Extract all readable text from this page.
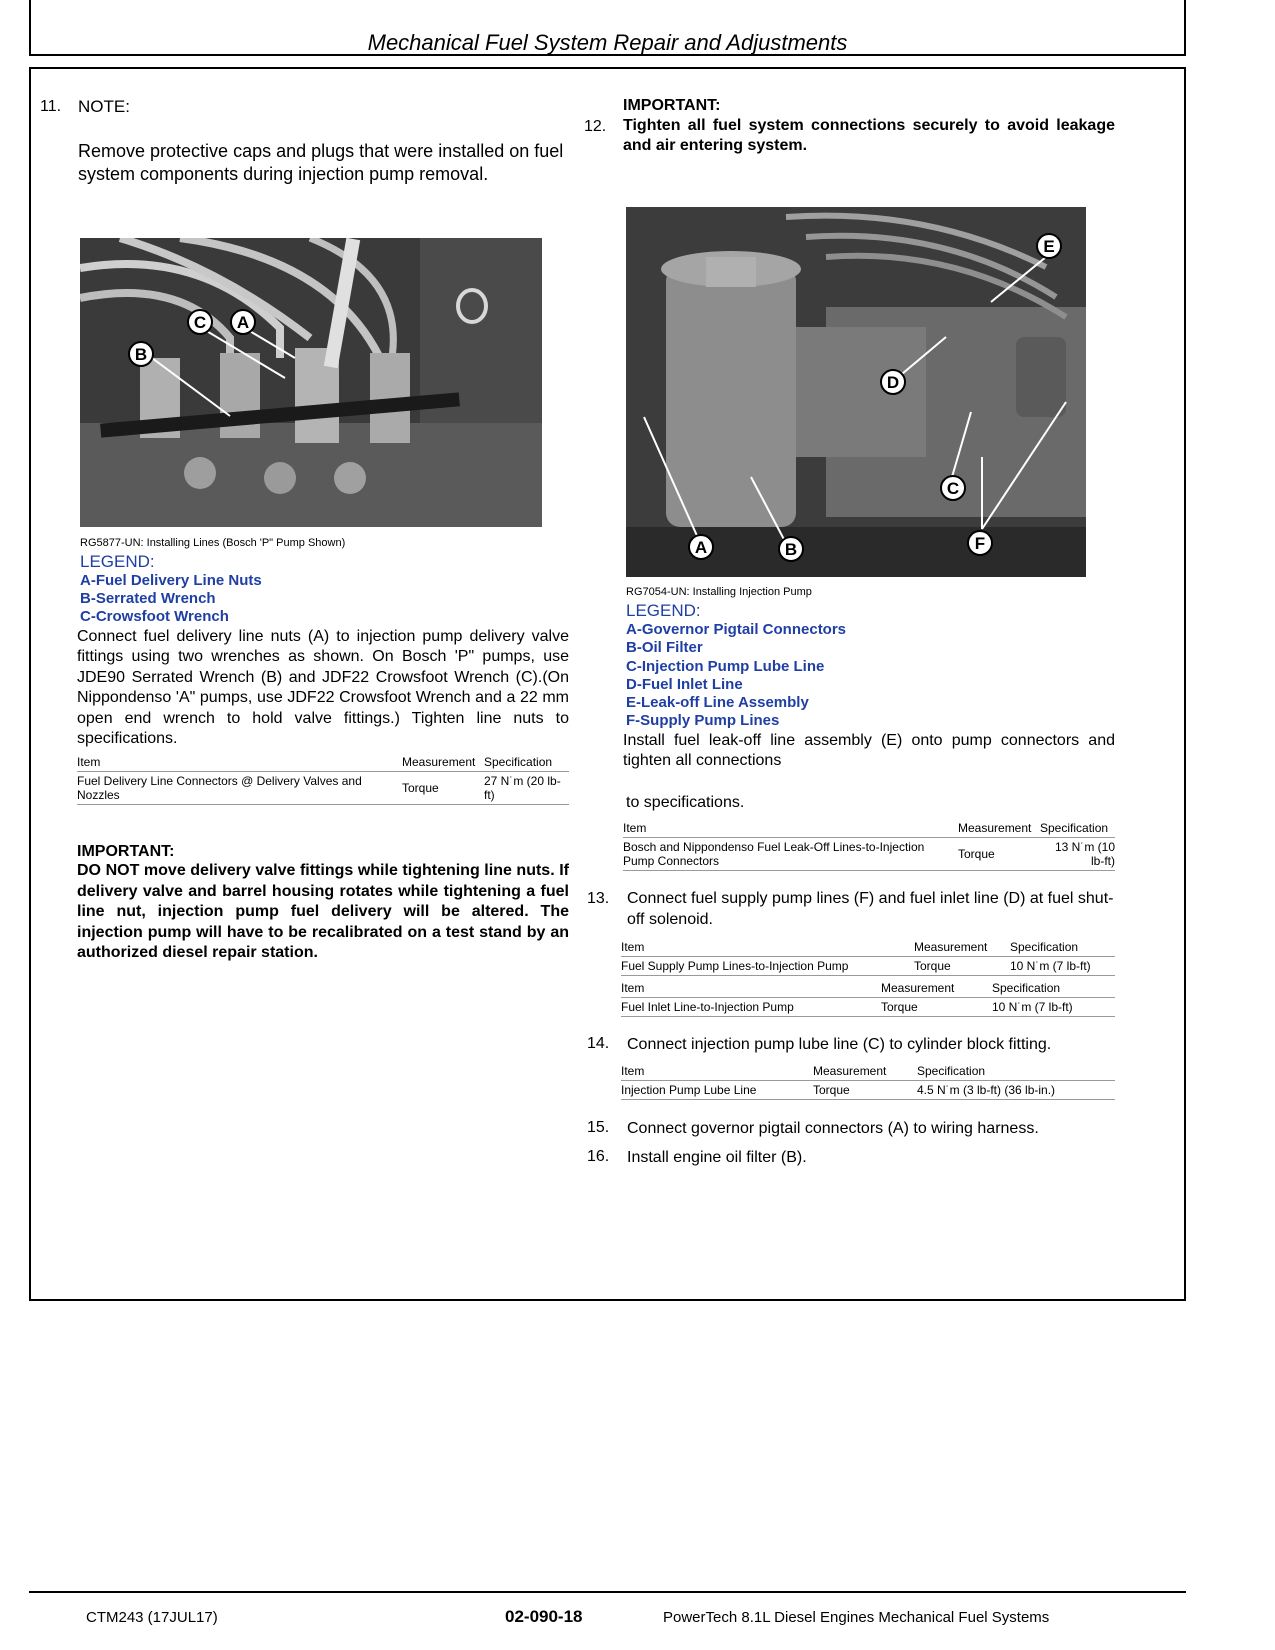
Mechanical Fuel System Repair and Adjustments
11. NOTE:
Remove protective caps and plugs that were installed on fuel system components during injection pump removal.
C A
B
RG5877-UN: Installing Lines (Bosch 'P" Pump Shown)
LEGEND:
A-Fuel Delivery Line Nuts
B-Serrated Wrench
C-Crowsfoot Wrench
Connect fuel delivery line nuts (A) to injection pump delivery valve fittings using two wrenches as shown. On Bosch 'P" pumps, use JDE90 Serrated Wrench (B) and JDF22 Crowsfoot Wrench (C).(On Nippondenso 'A" pumps, use JDF22 Crowsfoot Wrench and a 22 mm open end wrench to hold valve fittings.) Tighten line nuts to specifications.
Item	Measurement	Specification
Fuel Delivery Line Connectors @ Delivery Valves and Nozzles	Torque	27 N˙m (20 lb-ft)
IMPORTANT:
DO NOT move delivery valve fittings while tightening line nuts. If delivery valve and barrel housing rotates while tightening a fuel line nut, injection pump fuel delivery will be altered. The injection pump will have to be recalibrated on a test stand by an authorized diesel repair station.
IMPORTANT:
12. Tighten all fuel system connections securely to avoid leakage and air entering system.
E
D
C
F
A	B
RG7054-UN: Installing Injection Pump
LEGEND:
A-Governor Pigtail Connectors
B-Oil Filter
C-Injection Pump Lube Line
D-Fuel Inlet Line
E-Leak-off Line Assembly
F-Supply Pump Lines
Install fuel leak-off line assembly (E) onto pump connectors and tighten all connections
to specifications.
Item	Measurement	Specification
Bosch and Nippondenso Fuel Leak-Off Lines-to-Injection Pump Connectors	Torque	13 N˙m (10 lb-ft)
13. Connect fuel supply pump lines (F) and fuel inlet line (D) at fuel shut-off solenoid.
Item	Measurement	Specification
Fuel Supply Pump Lines-to-Injection Pump	Torque	10 N˙m (7 lb-ft)
Item	Measurement	Specification
Fuel Inlet Line-to-Injection Pump	Torque	10 N˙m (7 lb-ft)
14. Connect injection pump lube line (C) to cylinder block fitting.
Item	Measurement	Specification
Injection Pump Lube Line	Torque	4.5 N˙m (3 lb-ft) (36 lb-in.)
15. Connect governor pigtail connectors (A) to wiring harness.
16. Install engine oil filter (B).
CTM243 (17JUL17)	02-090-18	PowerTech 8.1L Diesel Engines Mechanical Fuel Systems
